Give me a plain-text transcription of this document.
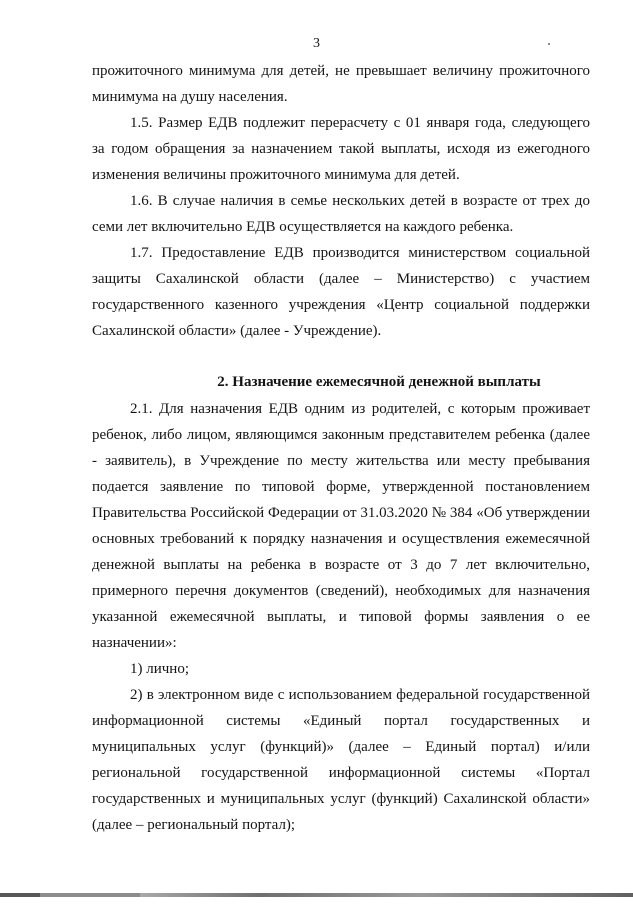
3
прожиточного минимума для детей, не превышает величину прожиточного
минимума на душу населения.
1.5. Размер ЕДВ подлежит перерасчету с 01 января года, следующего
за годом обращения за назначением такой выплаты, исходя из ежегодного
изменения величины прожиточного минимума для детей.
1.6. В случае наличия в семье нескольких детей в возрасте от трех до
семи лет включительно ЕДВ осуществляется на каждого ребенка.
1.7. Предоставление ЕДВ производится министерством социальной
защиты Сахалинской области (далее – Министерство) с участием
государственного казенного учреждения «Центр социальной поддержки
Сахалинской области» (далее - Учреждение).
2. Назначение ежемесячной денежной выплаты
2.1. Для назначения ЕДВ одним из родителей, с которым проживает
ребенок, либо лицом, являющимся законным представителем ребенка (далее
- заявитель), в Учреждение по месту жительства или месту пребывания
подается заявление по типовой форме, утвержденной постановлением
Правительства Российской Федерации от 31.03.2020 № 384 «Об утверждении
основных требований к порядку назначения и осуществления ежемесячной
денежной выплаты на ребенка в возрасте от 3 до 7 лет включительно,
примерного перечня документов (сведений), необходимых для назначения
указанной ежемесячной выплаты, и типовой формы заявления о ее
назначении»:
1) лично;
2) в электронном виде с использованием федеральной государственной
информационной системы «Единый портал государственных и
муниципальных услуг (функций)» (далее – Единый портал) и/или
региональной государственной информационной системы «Портал
государственных и муниципальных услуг (функций) Сахалинской области»
(далее – региональный портал);
